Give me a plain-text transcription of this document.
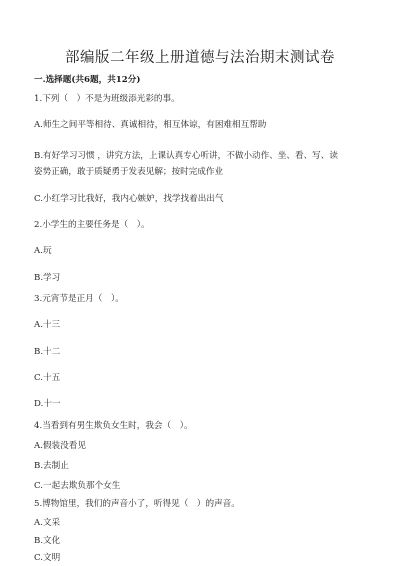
部编版二年级上册道德与法治期末测试卷
一.选择题(共6题，共12分)
1.下列（　）不是为班级添光彩的事。
A.师生之间平等相待、真诚相待，相互体谅，有困难相互帮助
B.有好学习习惯 ，讲究方法，上课认真专心听讲，不做小动作、坐、看、写、读姿势正确，敢于质疑勇于发表见解；按时完成作业
C.小红学习比我好，我内心嫉妒，找学找着出出气
2.小学生的主要任务是（　）。
A.玩
B.学习
3.元宵节是正月（　）。
A.十三
B.十二
C.十五
D.十一
4.当看到有男生欺负女生时，我会（　）。
A.假装没看见
B.去制止
C.一起去欺负那个女生
5.博物馆里，我们的声音小了，听得见（　）的声音。
A.文采
B.文化
C.文明
